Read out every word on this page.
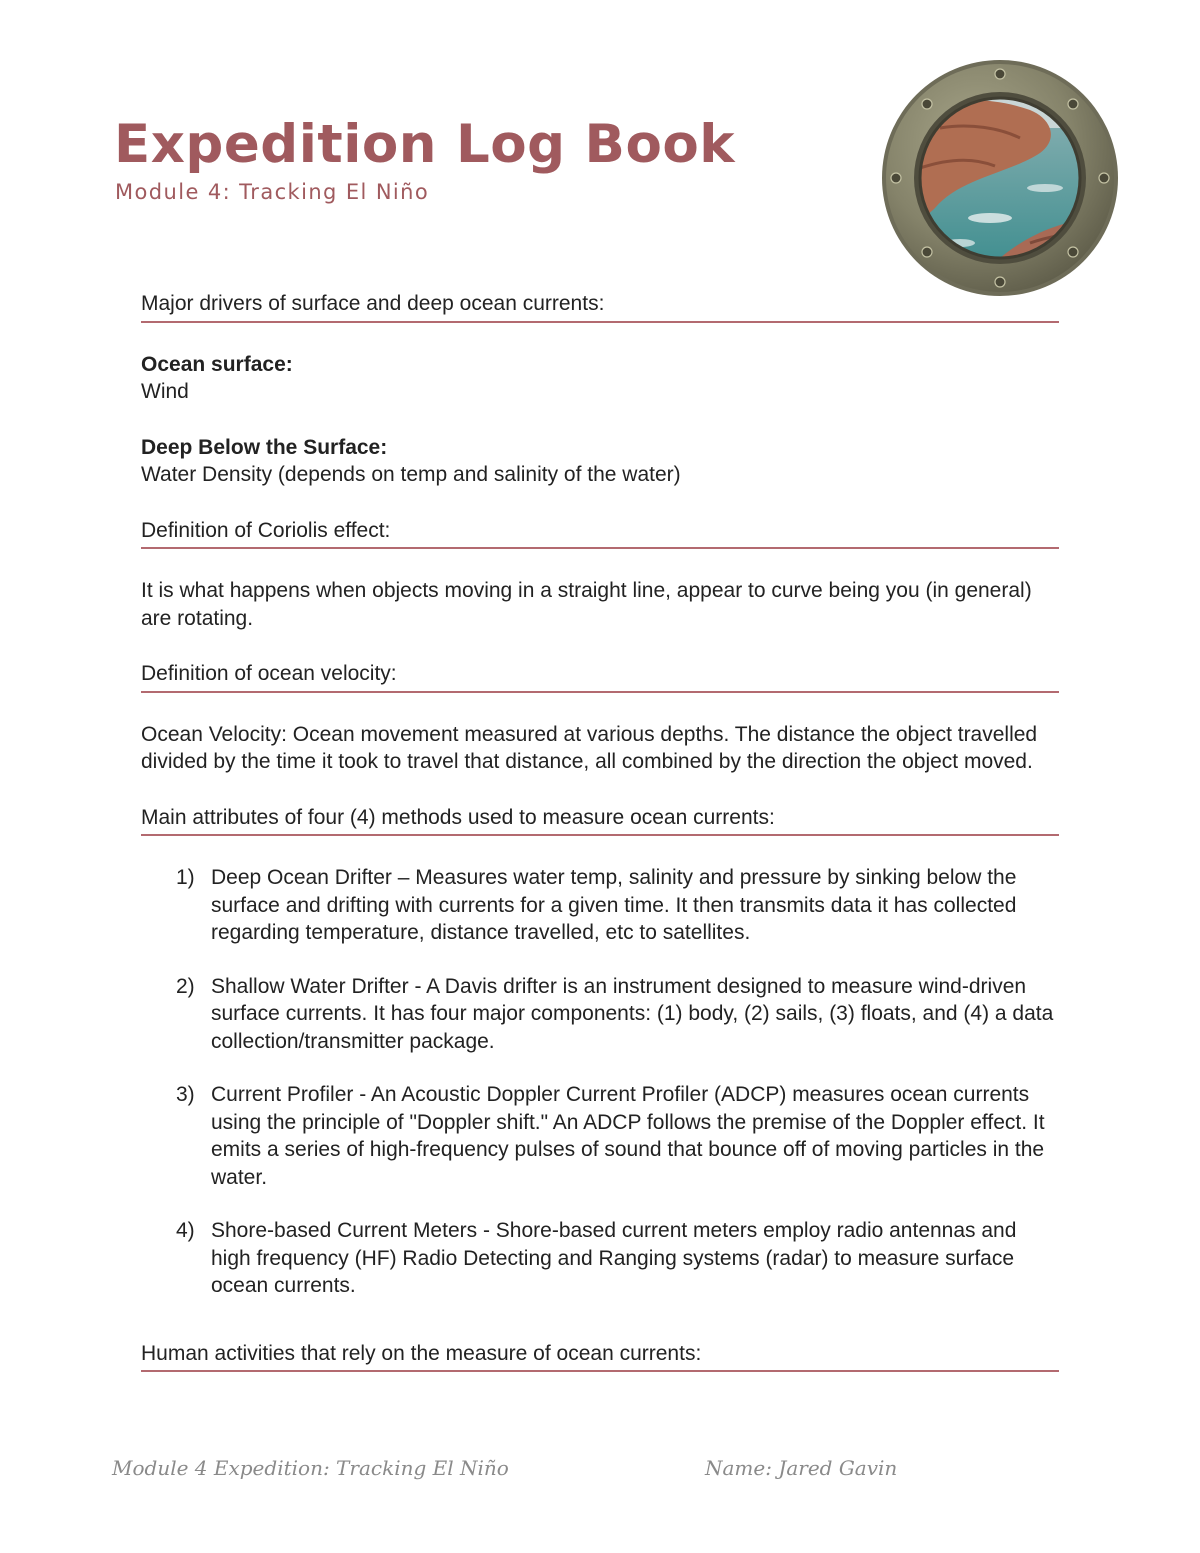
Expedition Log Book
Module 4: Tracking El Niño
Major drivers of surface and deep ocean currents:
Ocean surface:
Wind
Deep Below the Surface:
Water Density (depends on temp and salinity of the water)
Definition of Coriolis effect:
It is what happens when objects moving in a straight line, appear to curve being you (in general) are rotating.
Definition of ocean velocity:
Ocean Velocity: Ocean movement measured at various depths. The distance the object travelled divided by the time it took to travel that distance, all combined by the direction the object moved.
Main attributes of four (4) methods used to measure ocean currents:
1) Deep Ocean Drifter – Measures water temp, salinity and pressure by sinking below the surface and drifting with currents for a given time. It then transmits data it has collected regarding temperature, distance travelled, etc to satellites.
2) Shallow Water Drifter - A Davis drifter is an instrument designed to measure wind-driven surface currents. It has four major components: (1) body, (2) sails, (3) floats, and (4) a data collection/transmitter package.
3) Current Profiler - An Acoustic Doppler Current Profiler (ADCP) measures ocean currents using the principle of "Doppler shift." An ADCP follows the premise of the Doppler effect. It emits a series of high-frequency pulses of sound that bounce off of moving particles in the water.
4) Shore-based Current Meters - Shore-based current meters employ radio antennas and high frequency (HF) Radio Detecting and Ranging systems (radar) to measure surface ocean currents.
Human activities that rely on the measure of ocean currents:
Module 4 Expedition: Tracking El Niño	Name: Jared Gavin
